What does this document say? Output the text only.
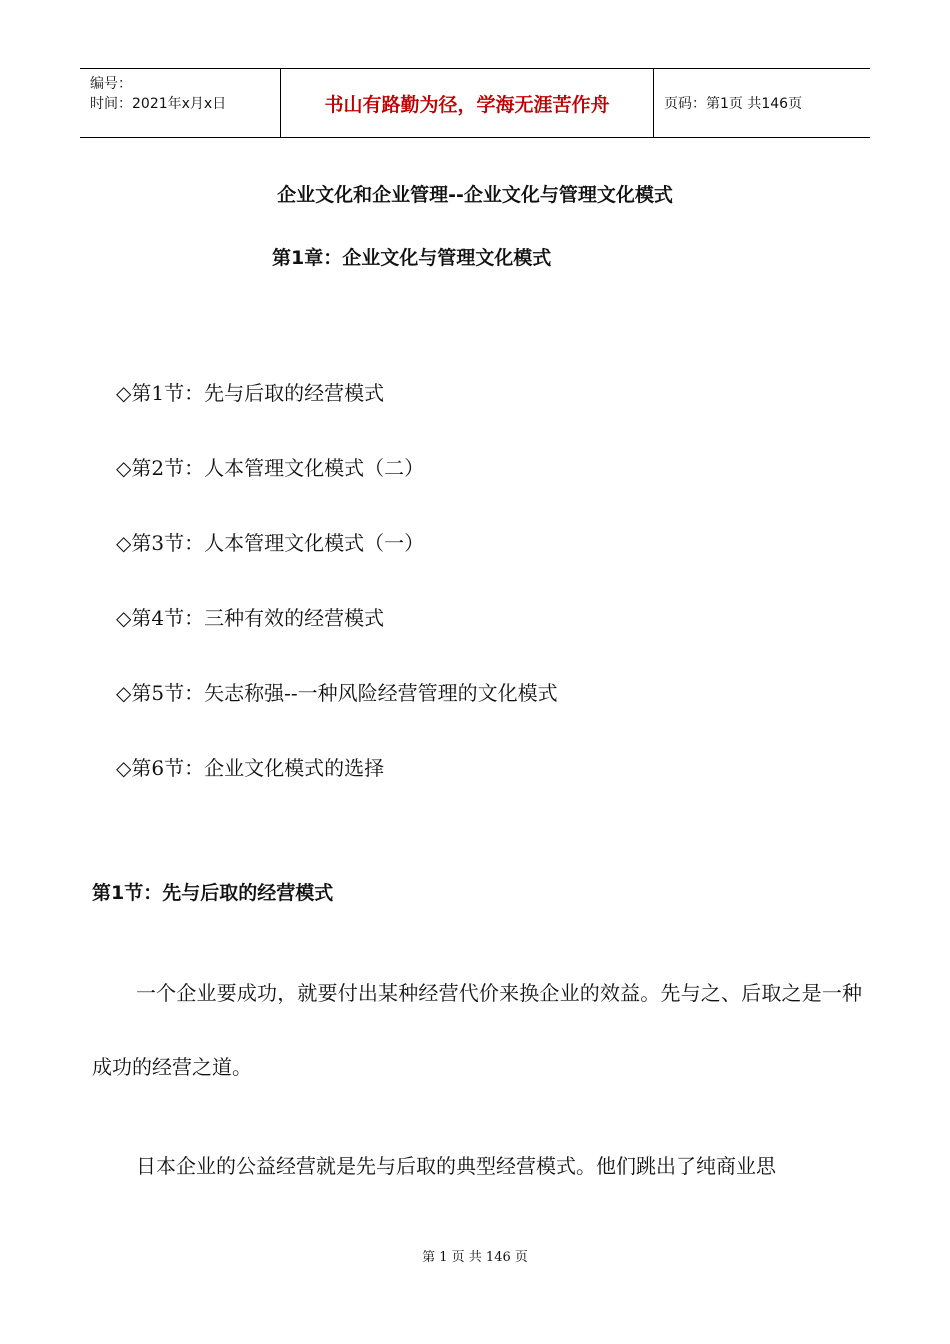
编号：
时间：2021年x月x日	书山有路勤为径，学海无涯苦作舟	页码：第1页 共146页
企业文化和企业管理--企业文化与管理文化模式
第1章：企业文化与管理文化模式
◇第1节：先与后取的经营模式
◇第2节：人本管理文化模式（二）
◇第3节：人本管理文化模式（一）
◇第4节：三种有效的经营模式
◇第5节：矢志称强--一种风险经营管理的文化模式
◇第6节：企业文化模式的选择
第1节：先与后取的经营模式

一个企业要成功，就要付出某种经营代价来换企业的效益。先与之、后取之是一种成功的经营之道。

日本企业的公益经营就是先与后取的典型经营模式。他们跳出了纯商业思

第 1 页 共 146 页
